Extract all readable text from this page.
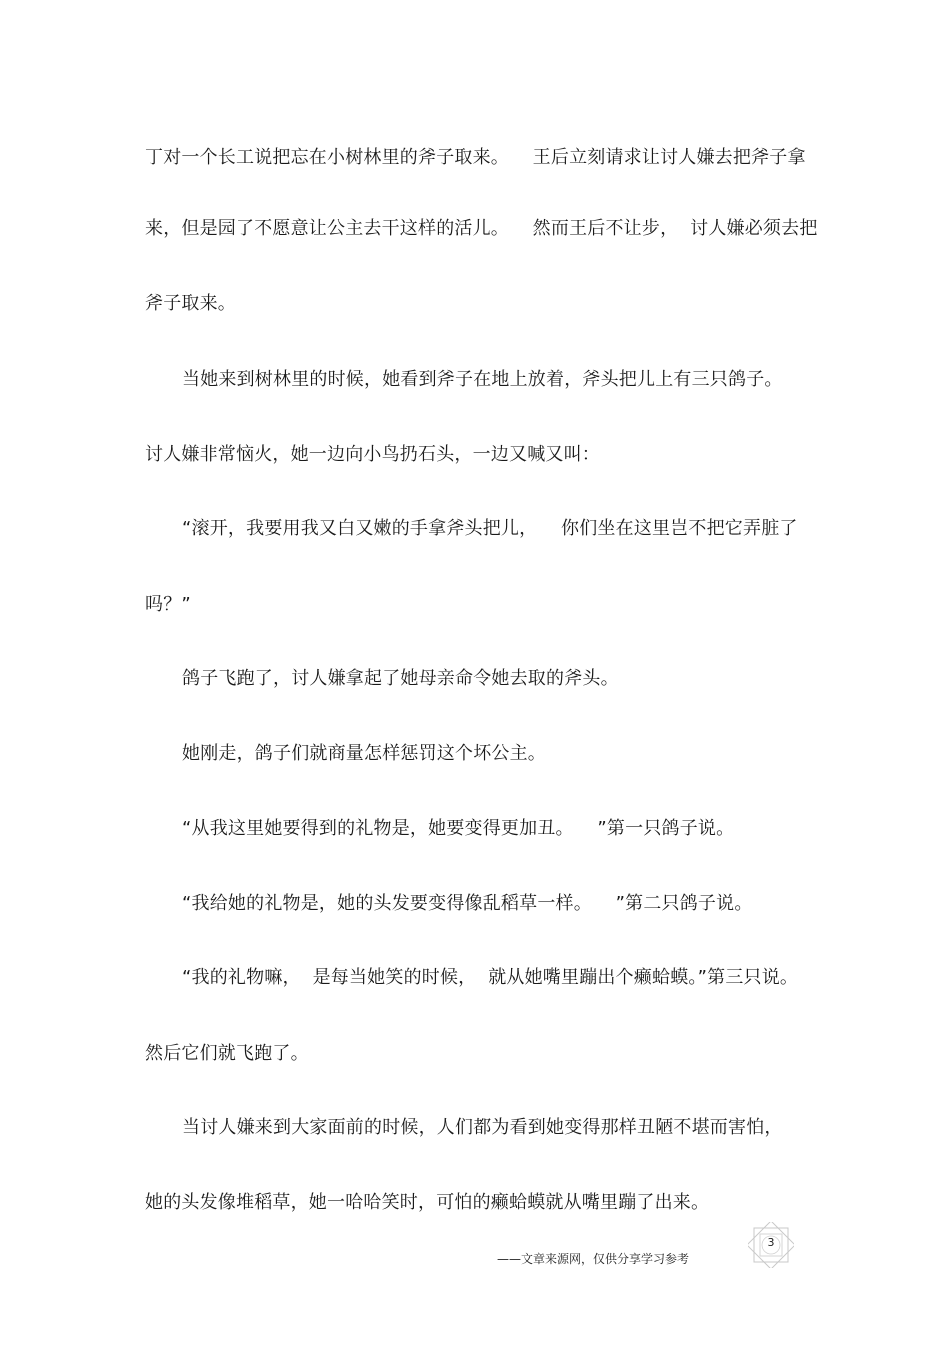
丁对一个长工说把忘在小树林里的斧子取来。    王后立刻请求让讨人嫌去把斧子拿
来，但是园了不愿意让公主去干这样的活儿。    然而王后不让步，  讨人嫌必须去把
斧子取来。
当她来到树林里的时候，她看到斧子在地上放着，斧头把儿上有三只鸽子。
讨人嫌非常恼火，她一边向小鸟扔石头，一边又喊又叫：
“滚开，我要用我又白又嫩的手拿斧头把儿，    你们坐在这里岂不把它弄脏了
吗？”
鸽子飞跑了，讨人嫌拿起了她母亲命令她去取的斧头。
她刚走，鸽子们就商量怎样惩罚这个坏公主。
“从我这里她要得到的礼物是，她要变得更加丑。    ”第一只鸽子说。
“我给她的礼物是，她的头发要变得像乱稻草一样。    ”第二只鸽子说。
“我的礼物嘛，  是每当她笑的时候，  就从她嘴里蹦出个癞蛤蟆。”第三只说。
然后它们就飞跑了。
当讨人嫌来到大家面前的时候，人们都为看到她变得那样丑陋不堪而害怕，
她的头发像堆稻草，她一哈哈笑时，可怕的癞蛤蟆就从嘴里蹦了出来。
3
——文章来源网，仅供分享学习参考
